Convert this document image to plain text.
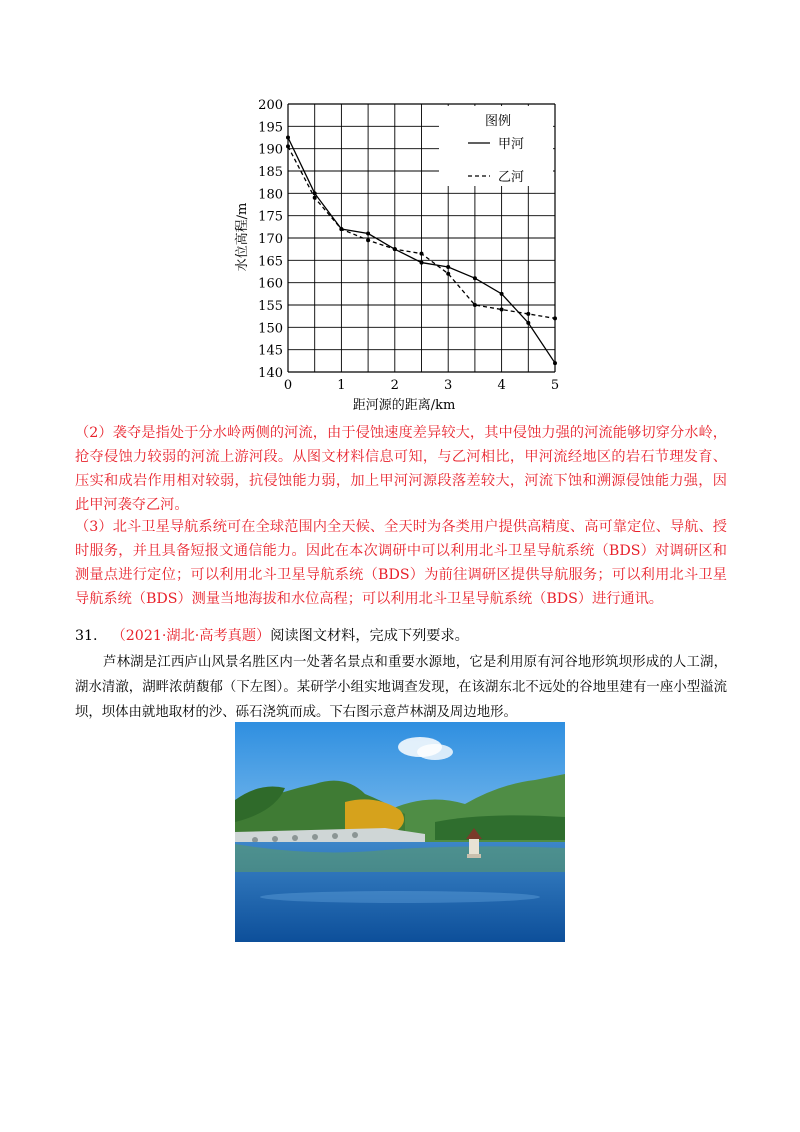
140
145
150
155
160
165
170
175
180
185
190
195
200
0	1	2	3	4	5
水位高程/m
距河源的距离/km
图例
甲河
乙河
（2）袭夺是指处于分水岭两侧的河流，由于侵蚀速度差异较大，其中侵蚀力强的河流能够切穿分水岭，抢夺侵蚀力较弱的河流上游河段。从图文材料信息可知，与乙河相比，甲河流经地区的岩石节理发育、压实和成岩作用相对较弱，抗侵蚀能力弱，加上甲河河源段落差较大，河流下蚀和溯源侵蚀能力强，因此甲河袭夺乙河。
（3）北斗卫星导航系统可在全球范围内全天候、全天时为各类用户提供高精度、高可靠定位、导航、授时服务，并且具备短报文通信能力。因此在本次调研中可以利用北斗卫星导航系统（BDS）对调研区和测量点进行定位；可以利用北斗卫星导航系统（BDS）为前往调研区提供导航服务；可以利用北斗卫星导航系统（BDS）测量当地海拔和水位高程；可以利用北斗卫星导航系统（BDS）进行通讯。
31. （2021·湖北·高考真题）阅读图文材料，完成下列要求。
芦林湖是江西庐山风景名胜区内一处著名景点和重要水源地，它是利用原有河谷地形筑坝形成的人工湖，湖水清澈，湖畔浓荫馥郁（下左图）。某研学小组实地调查发现，在该湖东北不远处的谷地里建有一座小型溢流坝，坝体由就地取材的沙、砾石浇筑而成。下右图示意芦林湖及周边地形。
